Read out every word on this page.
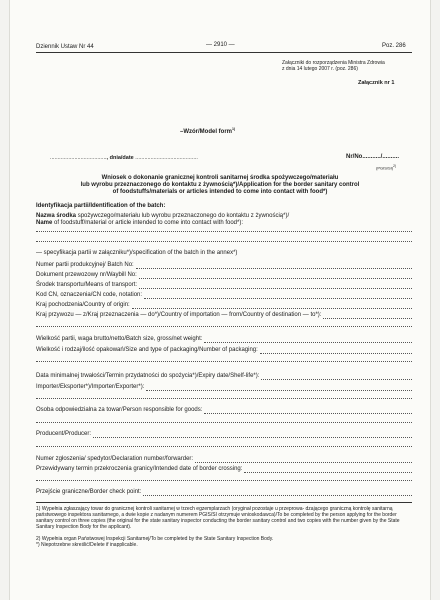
Dziennik Ustaw Nr 44	— 2910 —	Poz. 286
Załączniki do rozporządzenia Ministra Zdrowia
z dnia 14 lutego 2007 r. (poz. 286)
Załącznik nr 1
–Wzór/Model form$^{1)}$
....................................., dnia/date .........................................	Nr/No.........../..........
(PGIS/SI)$^{2)}$
Wniosek o dokonanie granicznej kontroli sanitarnej środka spożywczego/materiału
lub wyrobu przeznaczonego do kontaktu z żywnością*)/Application for the border sanitary control
of foodstuffs/materials or articles intended to come into contact with food*)
Identyfikacja partii/Identification of the batch:
Nazwa środka spożywczego/materiału lub wyrobu przeznaczonego do kontaktu z żywnością*)/
Name of foodstuff/material or article intended to come into contact with food*):
— specyfikacja partii w załączniku*)/specification of the batch in the annex*)
Numer partii produkcyjnej/ Batch No:
Dokument przewozowy nr/Waybill No:
Środek transportu/Means of transport:
Kod CN, oznaczenia/CN code, notation:
Kraj pochodzenia/Country of origin:
Kraj przywozu — z/Kraj przeznaczenia — do*)/Country of importation — from/Country of destination — to*):
Wielkość partii, waga brutto/netto/Batch size, gross/net weight:
Wielkość i rodzaj/ilość opakowań/Size and type of packaging/Number of packaging:
Data minimalnej trwałości/Termin przydatności do spożycia*)/Expiry date/Shelf-life*):
Importer/Eksporter*)/Importer/Exporter*):
Osoba odpowiedzialna za towar/Person responsible for goods:
Producent/Producer:
Numer zgłoszenia/ spedytor/Declaration number/forwarder:
Przewidywany termin przekroczenia granicy/Intended date of border crossing:
Przejście graniczne/Border check point:
1) Wypełnia zgłaszający towar do granicznej kontroli sanitarnej w trzech egzemplarzach (oryginał pozostaje u przeprowa- dzającego graniczną kontrolę sanitarną państwowego inspektora sanitarnego, a dwie kopie z nadanym numerem PGIS/SI otrzymuje wnioskodawca)/To be completed by the person applying for the border sanitary control on three copies (the original for the state sanitary inspector conducting the border sanitary control and two copies with the number given by the State Sanitary Inspection Body for the applicant).
2) Wypełnia organ Państwowej Inspekcji Sanitarnej/To be completed by the State Sanitary Inspection Body.
*) Niepotrzebne skreślić/Delete if inapplicable.
